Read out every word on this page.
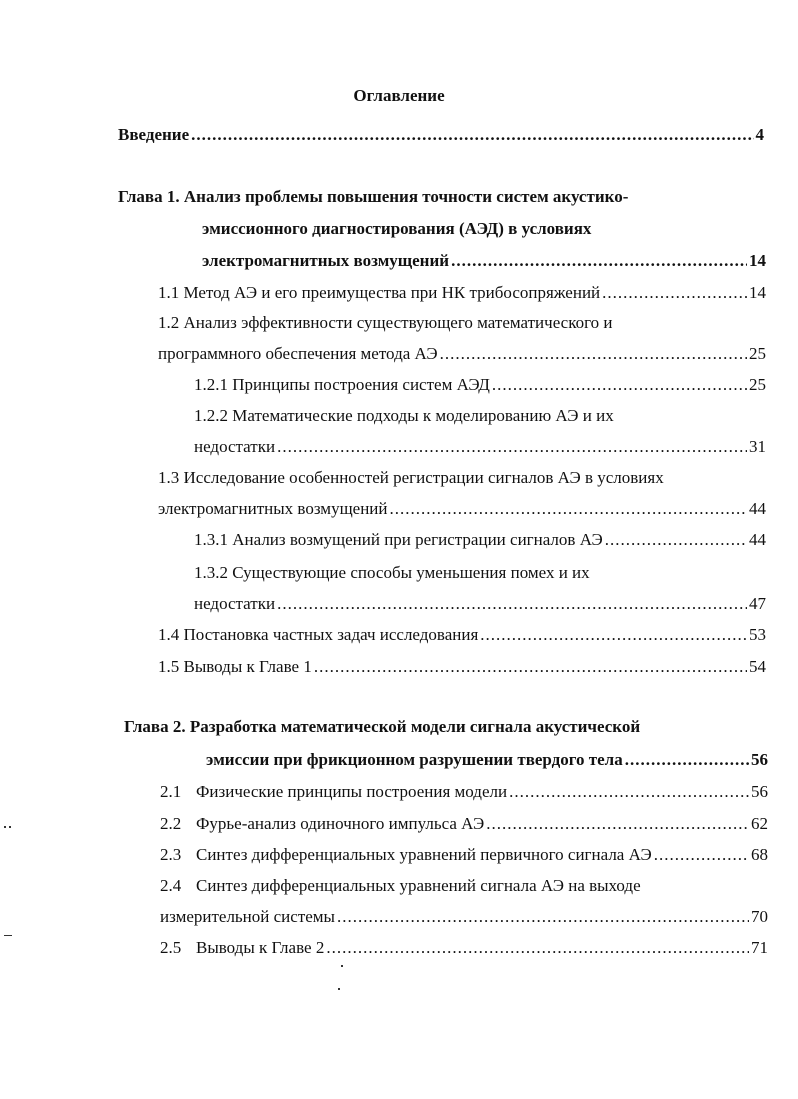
Оглавление
Введение .....	4
Глава 1. Анализ проблемы повышения точности систем акустико-
эмиссионного диагностирования (АЭД) в условиях
электромагнитных возмущений .....	14
1.1 Метод АЭ и его преимущества при НК трибосопряжений .....	14
1.2 Анализ эффективности существующего математического и
программного обеспечения метода АЭ .....	25
1.2.1 Принципы построения систем АЭД .....	25
1.2.2 Математические подходы к моделированию АЭ и их
недостатки .....	31
1.3 Исследование особенностей регистрации сигналов АЭ в условиях
электромагнитных возмущений .....	44
1.3.1 Анализ возмущений при регистрации сигналов АЭ .....	44
1.3.2 Существующие способы уменьшения помех и их
недостатки .....	47
1.4 Постановка частных задач исследования .....	53
1.5 Выводы к Главе 1 .....	54
Глава 2. Разработка математической модели сигнала акустической
эмиссии при фрикционном разрушении твердого тела .....	56
2.1 Физические принципы построения модели .....	56
2.2 Фурье-анализ одиночного импульса АЭ .....	62
2.3 Синтез дифференциальных уравнений первичного сигнала АЭ .....	68
2.4 Синтез дифференциальных уравнений сигнала АЭ на выходе
измерительной системы .....	70
2.5 Выводы к Главе 2 .....	71
